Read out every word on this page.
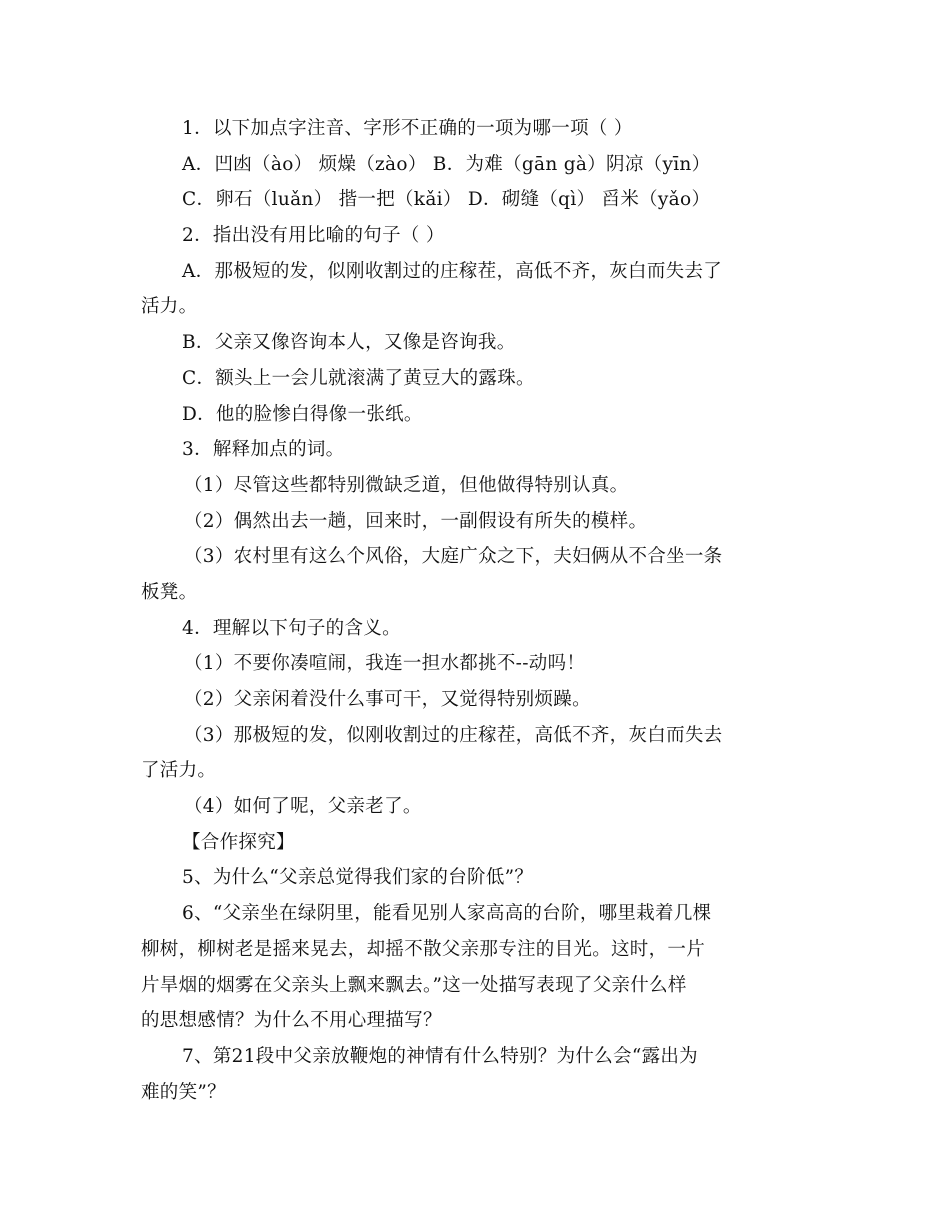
1．以下加点字注音、字形不正确的一项为哪一项（ ）
A．凹凼（ào） 烦燥（zào） B．为难（gān gà）阴凉（yīn）
C．卵石（luǎn） 揩一把（kǎi） D．砌缝（qì） 舀米（yǎo）
2．指出没有用比喻的句子（ ）
A．那极短的发，似刚收割过的庄稼茬，高低不齐，灰白而失去了
活力。
B．父亲又像咨询本人，又像是咨询我。
C．额头上一会儿就滚满了黄豆大的露珠。
D．他的脸惨白得像一张纸。
3．解释加点的词。
（1）尽管这些都特别微缺乏道，但他做得特别认真。
（2）偶然出去一趟，回来时，一副假设有所失的模样。
（3）农村里有这么个风俗，大庭广众之下，夫妇俩从不合坐一条
板凳。
4．理解以下句子的含义。
（1）不要你凑喧闹，我连一担水都挑不--动吗！
（2）父亲闲着没什么事可干，又觉得特别烦躁。
（3）那极短的发，似刚收割过的庄稼茬，高低不齐，灰白而失去
了活力。
（4）如何了呢，父亲老了。
【合作探究】
5、为什么“父亲总觉得我们家的台阶低”？
6、“父亲坐在绿阴里，能看见别人家高高的台阶，哪里栽着几棵
柳树，柳树老是摇来晃去，却摇不散父亲那专注的目光。这时，一片
片旱烟的烟雾在父亲头上飘来飘去。”这一处描写表现了父亲什么样
的思想感情？为什么不用心理描写？
7、第21段中父亲放鞭炮的神情有什么特别？为什么会“露出为
难的笑”？
